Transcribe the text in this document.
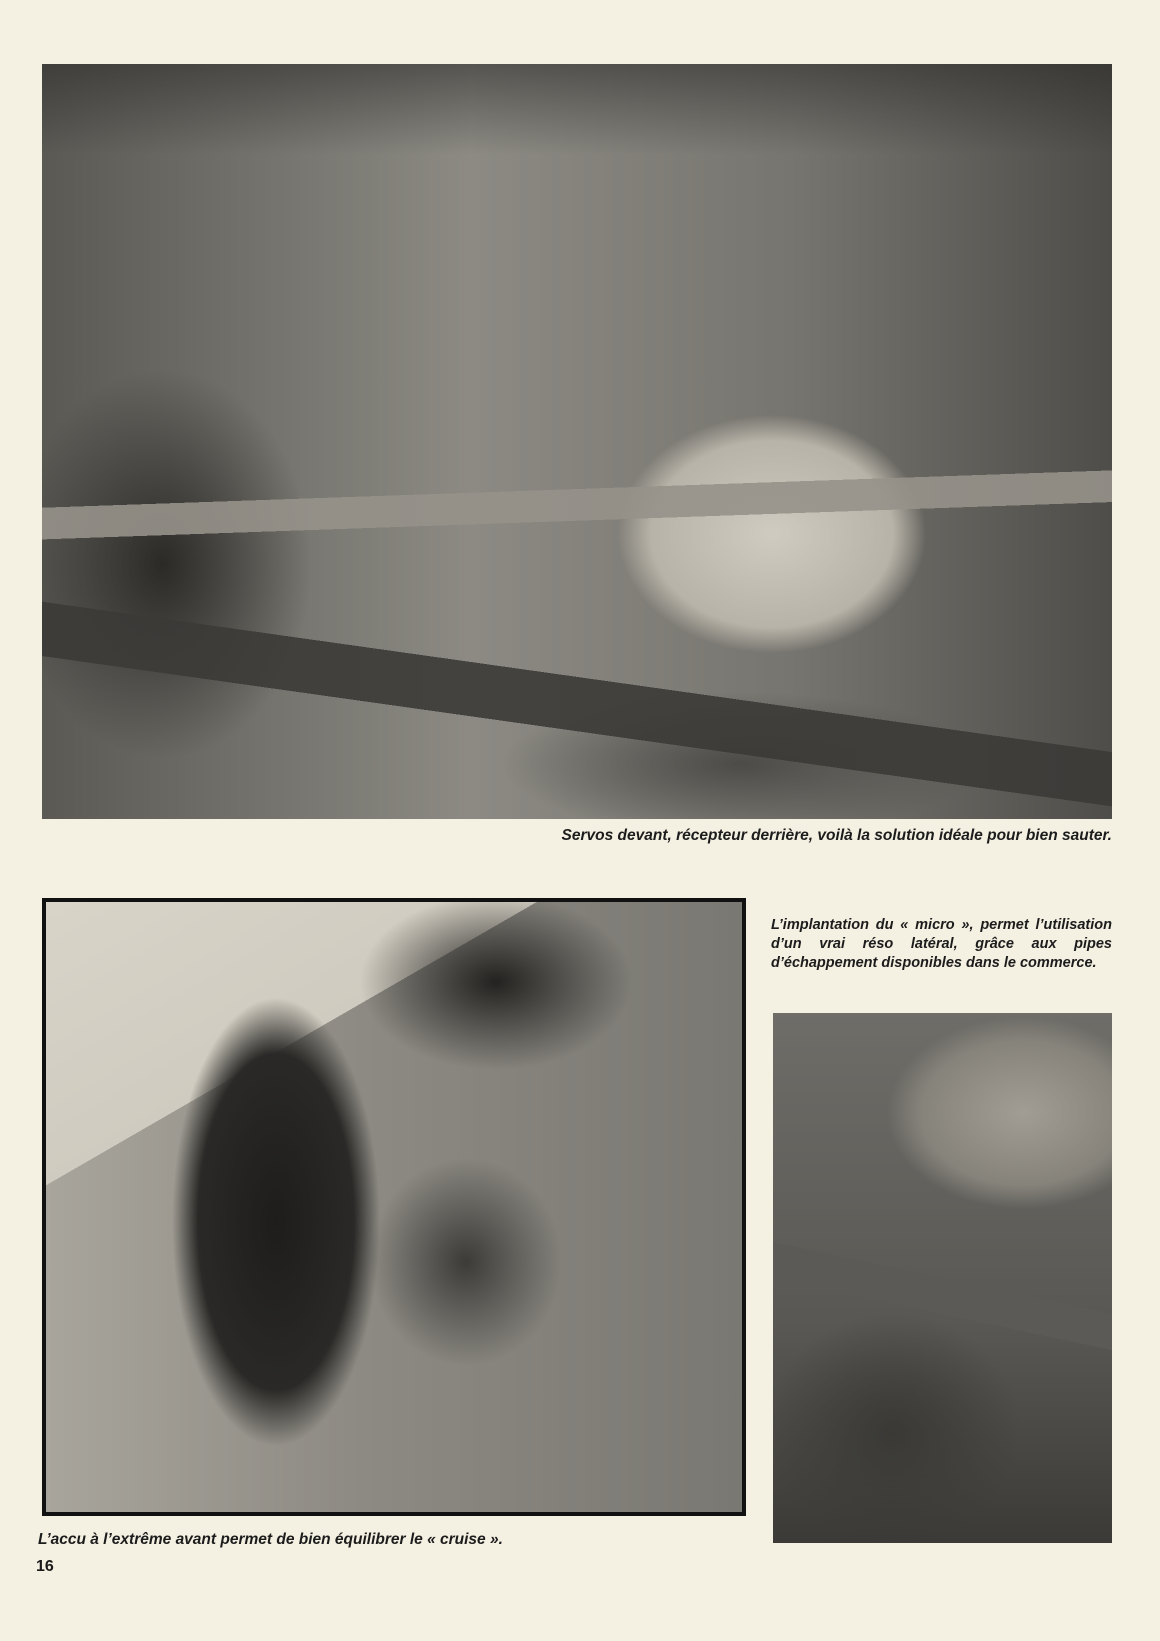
Servos devant, récepteur derrière, voilà la solution idéale pour bien sauter.

L’implantation du « micro », permet l’utilisation d’un vrai réso latéral, grâce aux pipes d’échappement disponibles dans le commerce.

L’accu à l’extrême avant permet de bien équilibrer le « cruise ».

16
